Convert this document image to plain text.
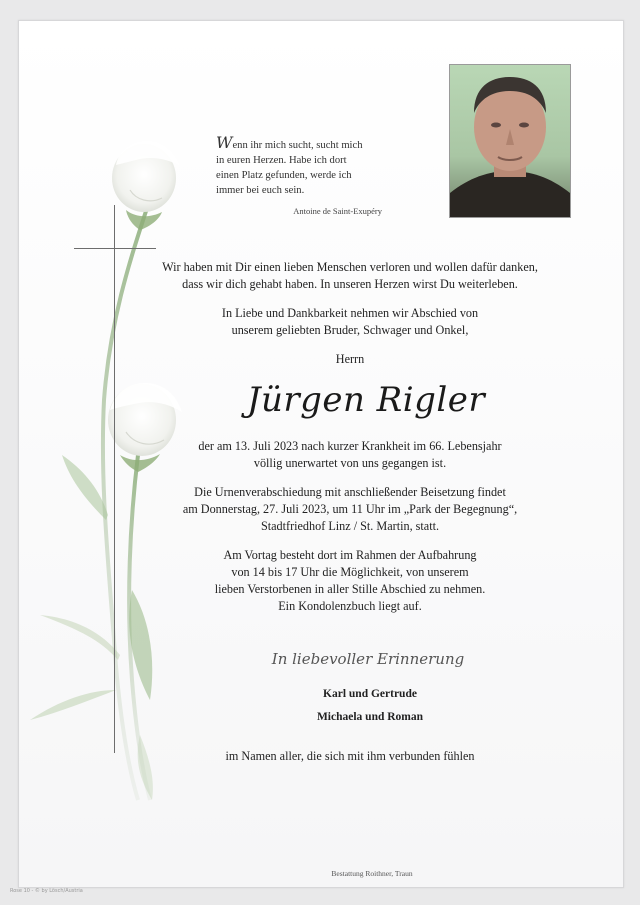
Wenn ihr mich sucht, sucht mich
in euren Herzen. Habe ich dort
einen Platz gefunden, werde ich
immer bei euch sein.
Antoine de Saint-Exupéry
Wir haben mit Dir einen lieben Menschen verloren und wollen dafür danken,
dass wir dich gehabt haben. In unseren Herzen wirst Du weiterleben.
In Liebe und Dankbarkeit nehmen wir Abschied von
unserem geliebten Bruder, Schwager und Onkel,
Herrn
Jürgen Rigler
der am 13. Juli 2023 nach kurzer Krankheit im 66. Lebensjahr
völlig unerwartet von uns gegangen ist.
Die Urnenverabschiedung mit anschließender Beisetzung findet
am Donnerstag, 27. Juli 2023, um 11 Uhr im „Park der Begegnung“,
Stadtfriedhof Linz / St. Martin, statt.
Am Vortag besteht dort im Rahmen der Aufbahrung
von 14 bis 17 Uhr die Möglichkeit, von unserem
lieben Verstorbenen in aller Stille Abschied zu nehmen.
Ein Kondolenzbuch liegt auf.
In liebevoller Erinnerung
Karl und Gertrude
Michaela und Roman
im Namen aller, die sich mit ihm verbunden fühlen
Bestattung Roithner, Traun
Rose 10 - © by Lösch/Austria
